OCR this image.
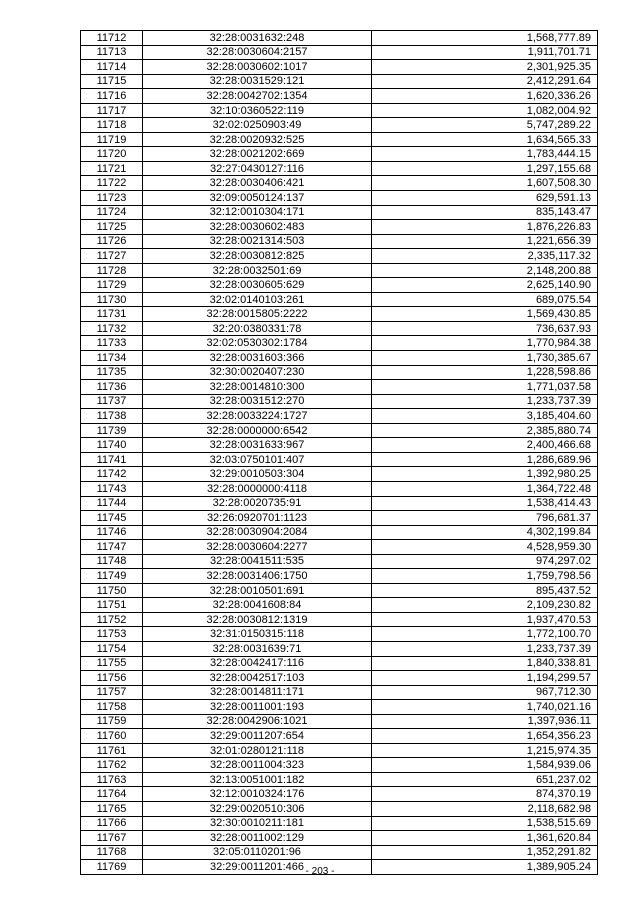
11712	32:28:0031632:248	1,568,777.89
11713	32:28:0030604:2157	1,911,701.71
11714	32:28:0030602:1017	2,301,925.35
11715	32:28:0031529:121	2,412,291.64
11716	32:28:0042702:1354	1,620,336.26
11717	32:10:0360522:119	1,082,004.92
11718	32:02:0250903:49	5,747,289.22
11719	32:28:0020932:525	1,634,565.33
11720	32:28:0021202:669	1,783,444.15
11721	32:27:0430127:116	1,297,155.68
11722	32:28:0030406:421	1,607,508.30
11723	32:09:0050124:137	629,591.13
11724	32:12:0010304:171	835,143.47
11725	32:28:0030602:483	1,876,226.83
11726	32:28:0021314:503	1,221,656.39
11727	32:28:0030812:825	2,335,117.32
11728	32:28:0032501:69	2,148,200.88
11729	32:28:0030605:629	2,625,140.90
11730	32:02:0140103:261	689,075.54
11731	32:28:0015805:2222	1,569,430.85
11732	32:20:0380331:78	736,637.93
11733	32:02:0530302:1784	1,770,984.38
11734	32:28:0031603:366	1,730,385.67
11735	32:30:0020407:230	1,228,598.86
11736	32:28:0014810:300	1,771,037.58
11737	32:28:0031512:270	1,233,737.39
11738	32:28:0033224:1727	3,185,404.60
11739	32:28:0000000:6542	2,385,880.74
11740	32:28:0031633:967	2,400,466.68
11741	32:03:0750101:407	1,286,689.96
11742	32:29:0010503:304	1,392,980.25
11743	32:28:0000000:4118	1,364,722.48
11744	32:28:0020735:91	1,538,414.43
11745	32:26:0920701:1123	796,681.37
11746	32:28:0030904:2084	4,302,199.84
11747	32:28:0030604:2277	4,528,959.30
11748	32:28:0041511:535	974,297.02
11749	32:28:0031406:1750	1,759,798.56
11750	32:28:0010501:691	895,437.52
11751	32:28:0041608:84	2,109,230.82
11752	32:28:0030812:1319	1,937,470.53
11753	32:31:0150315:118	1,772,100.70
11754	32:28:0031639:71	1,233,737.39
11755	32:28:0042417:116	1,840,338.81
11756	32:28:0042517:103	1,194,299.57
11757	32:28:0014811:171	967,712.30
11758	32:28:0011001:193	1,740,021.16
11759	32:28:0042906:1021	1,397,936.11
11760	32:29:0011207:654	1,654,356.23
11761	32:01:0280121:118	1,215,974.35
11762	32:28:0011004:323	1,584,939.06
11763	32:13:0051001:182	651,237.02
11764	32:12:0010324:176	874,370.19
11765	32:29:0020510:306	2,118,682.98
11766	32:30:0010211:181	1,538,515.69
11767	32:28:0011002:129	1,361,620.84
11768	32:05:0110201:96	1,352,291.82
11769	32:29:0011201:466	1,389,905.24
- 203 -
